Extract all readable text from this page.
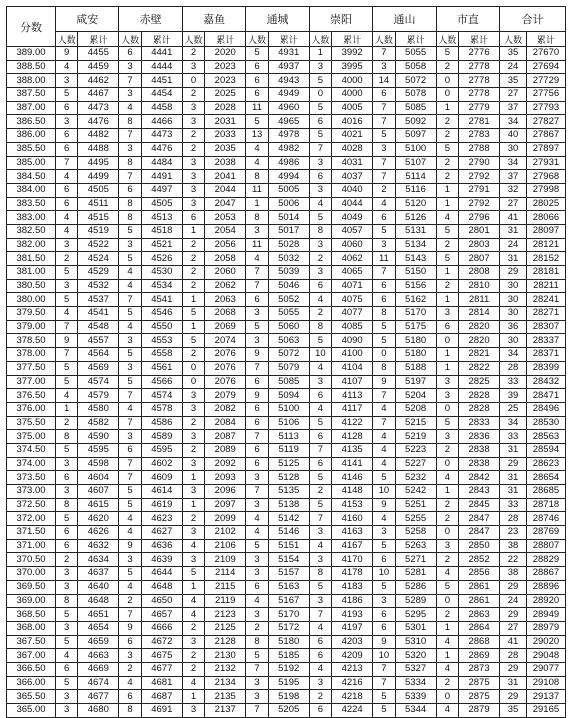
分数	咸安		赤壁		嘉鱼		通城		崇阳		通山		市直		合计	
	人数	累计	人数	累计	人数	累计	人数	累计	人数	累计	人数	累计	人数	累计	人数	累计
389.00	9	4455	6	4441	2	2020	5	4931	1	3992	7	5055	5	2776	35	27670
388.50	4	4459	3	4444	3	2023	6	4937	3	3995	3	5058	2	2778	24	27694
388.00	3	4462	7	4451	0	2023	6	4943	5	4000	14	5072	0	2778	35	27729
387.50	5	4467	3	4454	2	2025	6	4949	0	4000	6	5078	0	2778	27	27756
387.00	6	4473	4	4458	3	2028	11	4960	5	4005	7	5085	1	2779	37	27793
386.50	3	4476	8	4466	3	2031	5	4965	6	4016	7	5092	2	2781	34	27827
386.00	6	4482	7	4473	2	2033	13	4978	5	4021	5	5097	2	2783	40	27867
385.50	6	4488	3	4476	2	2035	4	4982	7	4028	3	5100	5	2788	30	27897
385.00	7	4495	8	4484	3	2038	4	4986	3	4031	7	5107	2	2790	34	27931
384.50	4	4499	7	4491	3	2041	8	4994	6	4037	7	5114	2	2792	37	27968
384.00	6	4505	6	4497	3	2044	11	5005	3	4040	2	5116	1	2791	32	27998
383.50	6	4511	8	4505	3	2047	1	5006	4	4044	4	5120	1	2792	27	28025
383.00	4	4515	8	4513	6	2053	8	5014	5	4049	6	5126	4	2796	41	28066
382.50	4	4519	5	4518	1	2054	3	5017	8	4057	5	5131	5	2801	31	28097
382.00	3	4522	3	4521	2	2056	11	5028	3	4060	3	5134	2	2803	24	28121
381.50	2	4524	5	4526	2	2058	4	5032	2	4062	11	5143	5	2807	31	28152
381.00	5	4529	4	4530	2	2060	7	5039	3	4065	7	5150	1	2808	29	28181
380.50	3	4532	4	4534	2	2062	7	5046	6	4071	6	5156	2	2810	30	28211
380.00	5	4537	7	4541	1	2063	6	5052	4	4075	6	5162	1	2811	30	28241
379.50	4	4541	5	4546	5	2068	3	5055	2	4077	8	5170	3	2814	30	28271
379.00	7	4548	4	4550	1	2069	5	5060	8	4085	5	5175	6	2820	36	28307
378.50	9	4557	3	4553	5	2074	3	5063	5	4090	5	5180	0	2820	30	28337
378.00	7	4564	5	4558	2	2076	9	5072	10	4100	0	5180	1	2821	34	28371
377.50	5	4569	3	4561	0	2076	7	5079	4	4104	8	5188	1	2822	28	28399
377.00	5	4574	5	4566	0	2076	6	5085	3	4107	9	5197	3	2825	33	28432
376.50	4	4579	7	4574	3	2079	9	5094	6	4113	7	5204	3	2828	39	28471
376.00	1	4580	4	4578	3	2082	6	5100	4	4117	4	5208	0	2828	25	28496
375.50	2	4582	7	4586	2	2084	6	5106	5	4122	7	5215	5	2833	34	28530
375.00	8	4590	3	4589	3	2087	7	5113	6	4128	4	5219	3	2836	33	28563
374.50	5	4595	6	4595	2	2089	6	5119	7	4135	4	5223	2	2838	31	28594
374.00	3	4598	7	4602	3	2092	6	5125	6	4141	4	5227	0	2838	29	28623
373.50	6	4604	7	4609	1	2093	3	5128	5	4146	5	5232	4	2842	31	28654
373.00	3	4607	5	4614	3	2096	7	5135	2	4148	10	5242	1	2843	31	28685
372.50	8	4615	5	4619	1	2097	3	5138	5	4153	9	5251	2	2845	33	28718
372.00	5	4620	4	4623	2	2099	4	5142	7	4160	4	5255	2	2847	28	28746
371.50	6	4626	4	4627	3	2102	4	5146	3	4163	3	5258	0	2847	23	28769
371.00	6	4632	9	4636	4	2106	5	5151	4	4167	5	5263	3	2850	38	28807
370.50	2	4634	3	4639	3	2109	3	5154	3	4170	6	5271	2	2852	22	28829
370.00	3	4637	5	4644	5	2114	3	5157	8	4178	10	5281	4	2856	38	28867
369.50	3	4640	4	4648	1	2115	6	5163	5	4183	5	5286	5	2861	29	28896
369.00	8	4648	2	4650	4	2119	4	5167	3	4186	3	5289	0	2861	24	28920
368.50	5	4651	7	4657	4	2123	3	5170	7	4193	6	5295	2	2863	29	28949
368.00	3	4654	9	4666	2	2125	2	5172	4	4197	6	5301	1	2864	27	28979
367.50	5	4659	6	4672	3	2128	8	5180	6	4203	9	5310	4	2868	41	29020
367.00	4	4663	3	4675	2	2130	5	5185	6	4209	10	5320	1	2869	28	29048
366.50	6	4669	2	4677	2	2132	7	5192	4	4213	7	5327	4	2873	29	29077
366.00	5	4674	4	4681	4	2134	3	5195	3	4216	7	5334	2	2875	31	29108
365.50	3	4677	6	4687	1	2135	3	5198	2	4218	5	5339	0	2875	29	29137
365.00	3	4680	8	4691	3	2137	7	5205	6	4224	5	5344	4	2879	35	29165
